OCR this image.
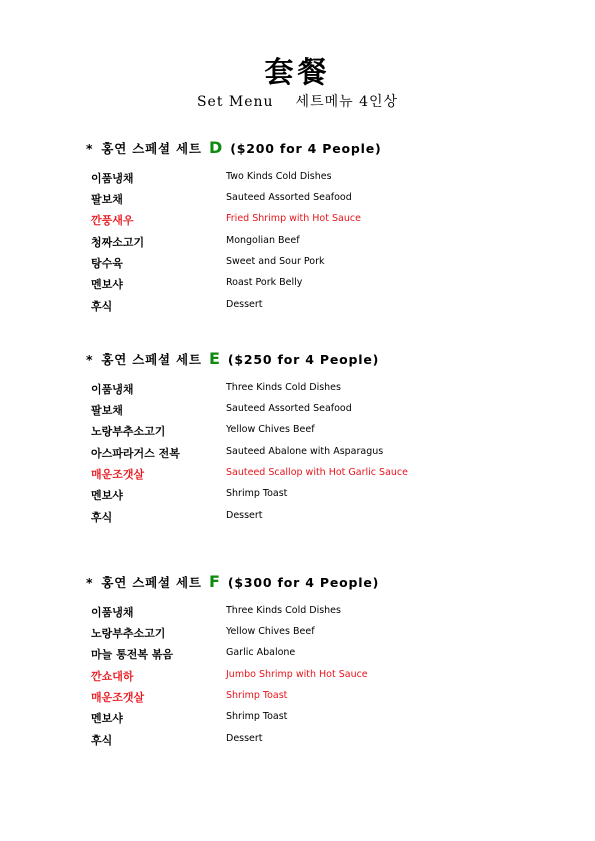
套餐
Set Menu 세트메뉴 4인상
* 홍연 스페셜 세트 D ($200 for 4 People)
이품냉채	Two Kinds Cold Dishes
팔보채	Sauteed Assorted Seafood
깐풍새우	Fried Shrimp with Hot Sauce
청짜소고기	Mongolian Beef
탕수육	Sweet and Sour Pork
멘보샤	Roast Pork Belly
후식	Dessert
* 홍연 스페셜 세트 E ($250 for 4 People)
이품냉채	Three Kinds Cold Dishes
팔보채	Sauteed Assorted Seafood
노랑부추소고기	Yellow Chives Beef
아스파라거스 전복	Sauteed Abalone with Asparagus
매운조갯살	Sauteed Scallop with Hot Garlic Sauce
멘보샤	Shrimp Toast
후식	Dessert
* 홍연 스페셜 세트 F ($300 for 4 People)
이품냉채	Three Kinds Cold Dishes
노랑부추소고기	Yellow Chives Beef
마늘 통전복 볶음	Garlic Abalone
깐쇼대하	Jumbo Shrimp with Hot Sauce
매운조갯살	Shrimp Toast
멘보샤	Shrimp Toast
후식	Dessert
